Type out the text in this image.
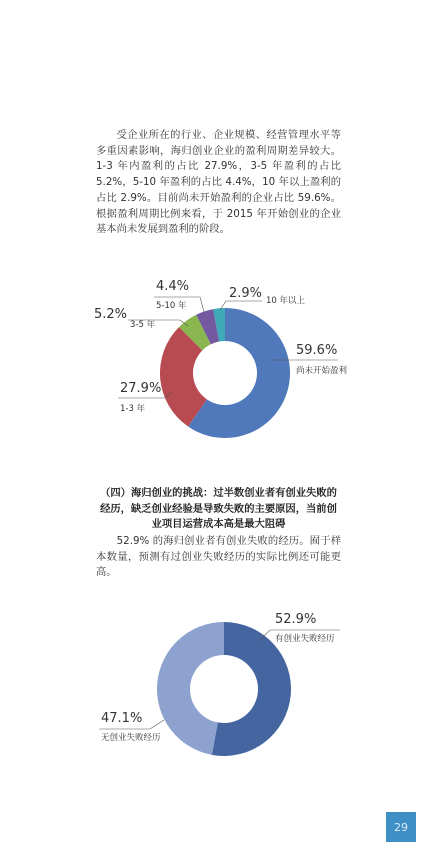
受企业所在的行业、企业规模、经营管理水平等多重因素影响，海归创业企业的盈利周期差异较大。1-3 年内盈利的占比 27.9%，3-5 年盈利的占比 5.2%，5-10 年盈利的占比 4.4%，10 年以上盈利的占比 2.9%。目前尚未开始盈利的企业占比 59.6%。根据盈利周期比例来看，于 2015 年开始创业的企业基本尚未发展到盈利的阶段。

59.6%
尚未开始盈利
27.9%
1-3 年
5.2%
3-5 年
4.4%
5-10 年
2.9% 10 年以上

（四）海归创业的挑战：过半数创业者有创业失败的经历，缺乏创业经验是导致失败的主要原因，当前创业项目运营成本高是最大阻碍

52.9% 的海归创业者有创业失败的经历。囿于样本数量，预测有过创业失败经历的实际比例还可能更高。

52.9%
有创业失败经历
47.1%
无创业失败经历
29
